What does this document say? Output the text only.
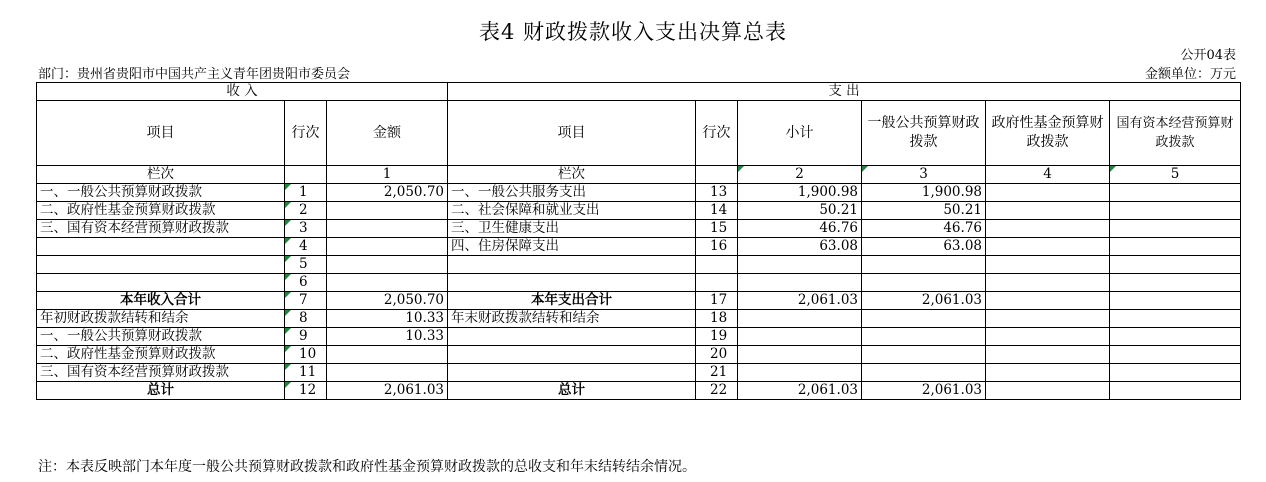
表4 财政拨款收入支出决算总表
公开04表
部门：贵州省贵阳市中国共产主义青年团贵阳市委员会	金额单位：万元
收 入			支 出					
项目	行次	金额	项目	行次	小计	一般公共预算财政拨款	政府性基金预算财政拨款	国有资本经营预算财政拨款
栏次		1	栏次		2	3	4	5
一、一般公共预算财政拨款	1	2,050.70	一、一般公共服务支出	13	1,900.98	1,900.98		
二、政府性基金预算财政拨款	2		二、社会保障和就业支出	14	50.21	50.21		
三、国有资本经营预算财政拨款	3		三、卫生健康支出	15	46.76	46.76		
	4		四、住房保障支出	16	63.08	63.08		
	5							
	6							
本年收入合计	7	2,050.70	本年支出合计	17	2,061.03	2,061.03		
年初财政拨款结转和结余	8	10.33	年末财政拨款结转和结余	18				
一、一般公共预算财政拨款	9	10.33		19				
二、政府性基金预算财政拨款	10			20				
三、国有资本经营预算财政拨款	11			21				
总计	12	2,061.03	总计	22	2,061.03	2,061.03		
注：本表反映部门本年度一般公共预算财政拨款和政府性基金预算财政拨款的总收支和年末结转结余情况。
